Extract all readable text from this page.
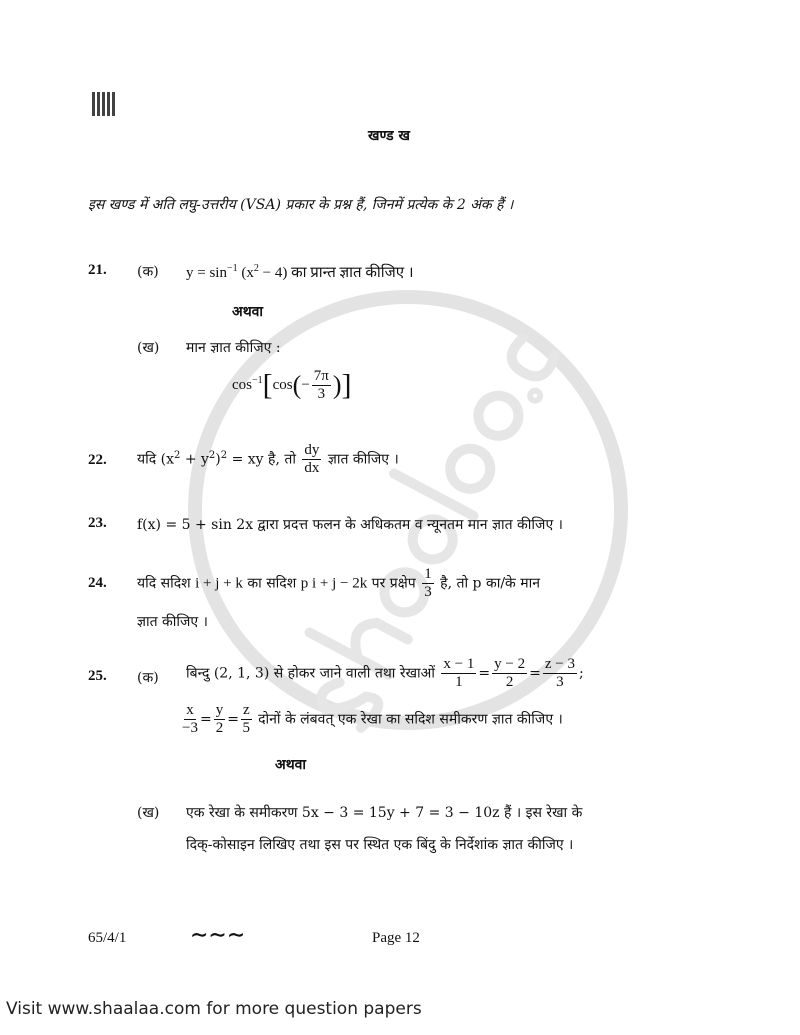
खण्ड ख
इस खण्ड में अति लघु-उत्तरीय (VSA) प्रकार के प्रश्न हैं, जिनमें प्रत्येक के 2 अंक हैं ।
21. (क) $y = \sin^{-1} (x^2 - 4)$ का प्रान्त ज्ञात कीजिए ।
अथवा
(ख) मान ज्ञात कीजिए :
$\cos^{-1}[\cos(- \frac{7\pi}{3}$ )]
22. यदि $(x^2 + y^2)^2$ = xy है, तो $\frac{dy}{dx}$ ज्ञात कीजिए ।
23. f(x) = 5 + sin 2x द्वारा प्रदत्त फलन के अधिकतम व न्यूनतम मान ज्ञात कीजिए ।
24. यदि सदिश i + j + k का सदिश p i + j − 2k पर प्रक्षेप $\frac{1}{3}$ है, तो p का/के मान
ज्ञात कीजिए ।
25. (क) बिन्दु (2, 1, 3) से होकर जाने वाली तथा रेखाओं $\frac{x - 1}{1} = \frac{y - 2}{2} = \frac{z - 3}{3}$ ;
$\frac{x}{-3} = \frac{y}{2} = \frac{z}{5}$ दोनों के लंबवत् एक रेखा का सदिश समीकरण ज्ञात कीजिए ।
अथवा
(ख) एक रेखा के समीकरण 5x − 3 = 15y + 7 = 3 − 10z हैं । इस रेखा के
दिक्-कोसाइन लिखिए तथा इस पर स्थित एक बिंदु के निर्देशांक ज्ञात कीजिए ।
65/4/1	∼∼∼	Page 12
Visit www.shaalaa.com for more question papers
